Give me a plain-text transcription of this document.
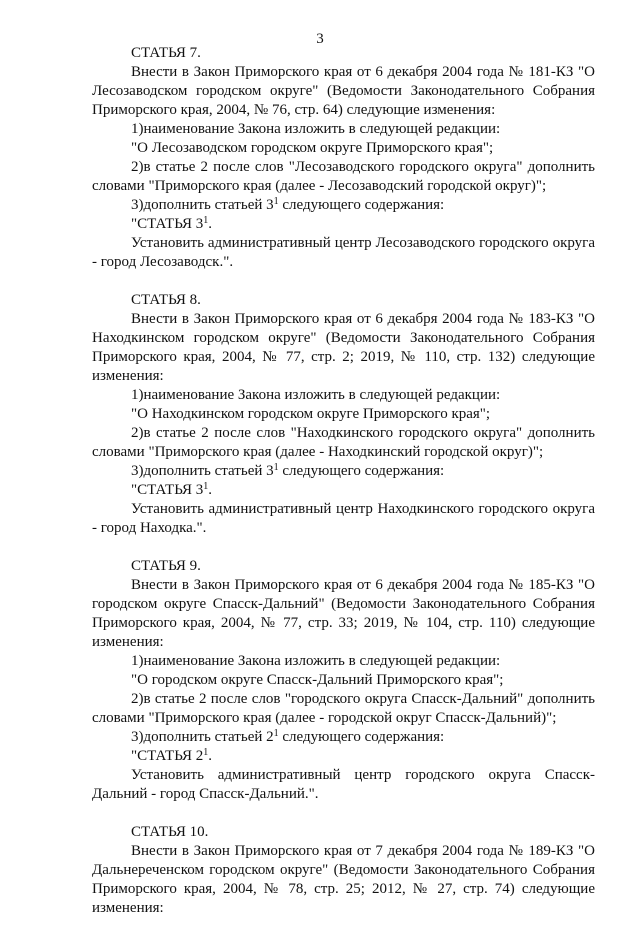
3
СТАТЬЯ 7.

Внести в Закон Приморского края от 6 декабря 2004 года № 181-КЗ "О Лесозаводском городском округе" (Ведомости Законодательного Собрания Приморского края, 2004, № 76, стр. 64) следующие изменения:

1)наименование Закона изложить в следующей редакции:
"О Лесозаводском городском округе Приморского края";

2)в статье 2 после слов "Лесозаводского городского округа" дополнить словами "Приморского края (далее - Лесозаводский городской округ)";

3)дополнить статьей $3^1$ следующего содержания:
"СТАТЬЯ $3^1$.

Установить административный центр Лесозаводского городского округа - город Лесозаводск.".

СТАТЬЯ 8.

Внести в Закон Приморского края от 6 декабря 2004 года № 183-КЗ "О Находкинском городском округе" (Ведомости Законодательного Собрания Приморского края, 2004, № 77, стр. 2; 2019, № 110, стр. 132) следующие изменения:

1)наименование Закона изложить в следующей редакции:
"О Находкинском городском округе Приморского края";

2)в статье 2 после слов "Находкинского городского округа" дополнить словами "Приморского края (далее - Находкинский городской округ)";

3)дополнить статьей $3^1$ следующего содержания:
"СТАТЬЯ $3^1$.

Установить административный центр Находкинского городского округа - город Находка.".

СТАТЬЯ 9.

Внести в Закон Приморского края от 6 декабря 2004 года № 185-КЗ "О городском округе Спасск-Дальний" (Ведомости Законодательного Собрания Приморского края, 2004, № 77, стр. 33; 2019, № 104, стр. 110) следующие изменения:

1)наименование Закона изложить в следующей редакции:
"О городском округе Спасск-Дальний Приморского края";

2)в статье 2 после слов "городского округа Спасск-Дальний" дополнить словами "Приморского края (далее - городской округ Спасск-Дальний)";

3)дополнить статьей $2^1$ следующего содержания:
"СТАТЬЯ $2^1$.

Установить административный центр городского округа Спасск-Дальний - город Спасск-Дальний.".

СТАТЬЯ 10.

Внести в Закон Приморского края от 7 декабря 2004 года № 189-КЗ "О Дальнереченском городском округе" (Ведомости Законодательного Собрания Приморского края, 2004, № 78, стр. 25; 2012, № 27, стр. 74) следующие изменения:
